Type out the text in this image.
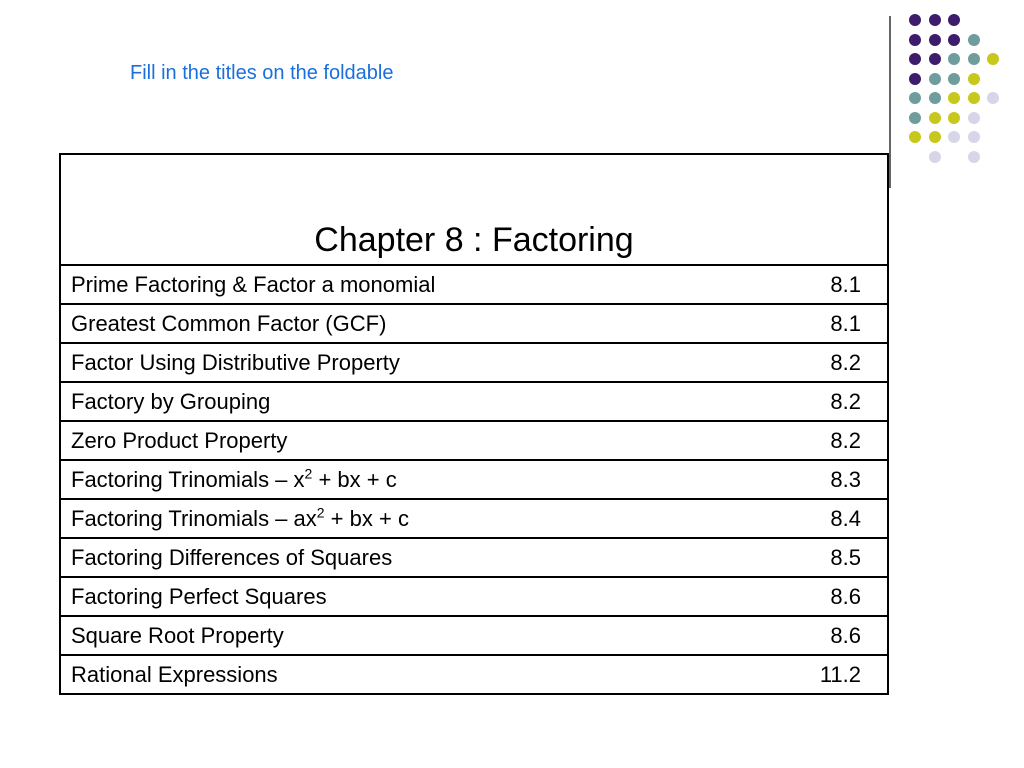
Fill in the titles on the foldable

Chapter 8 : Factoring

Prime Factoring & Factor a monomial	8.1

Greatest Common Factor (GCF)	8.1

Factor Using Distributive Property	8.2

Factory by Grouping	8.2

Zero Product Property	8.2

Factoring Trinomials – $x^2$ + bx + c	8.3

Factoring Trinomials – $ax^2$ + bx + c	8.4

Factoring Differences of Squares	8.5

Factoring Perfect Squares	8.6

Square Root Property	8.6

Rational Expressions	11.2
